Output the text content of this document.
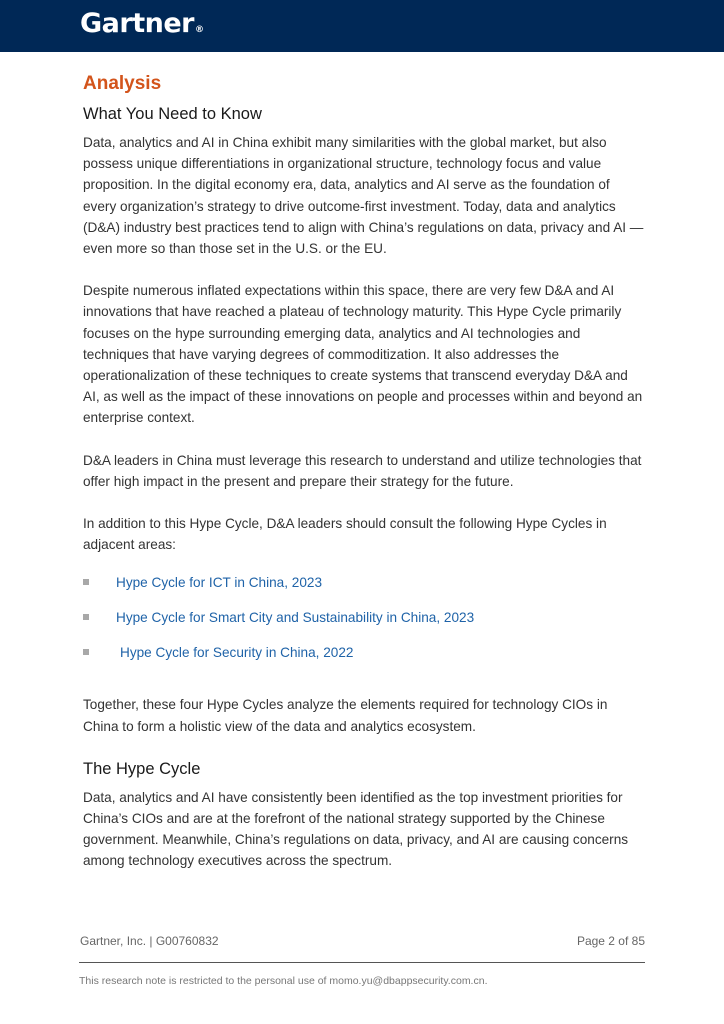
Gartner®
Analysis
What You Need to Know

Data, analytics and AI in China exhibit many similarities with the global market, but also possess unique differentiations in organizational structure, technology focus and value proposition. In the digital economy era, data, analytics and AI serve as the foundation of every organization’s strategy to drive outcome-first investment. Today, data and analytics (D&A) industry best practices tend to align with China’s regulations on data, privacy and AI — even more so than those set in the U.S. or the EU.

Despite numerous inflated expectations within this space, there are very few D&A and AI innovations that have reached a plateau of technology maturity. This Hype Cycle primarily focuses on the hype surrounding emerging data, analytics and AI technologies and techniques that have varying degrees of commoditization. It also addresses the operationalization of these techniques to create systems that transcend everyday D&A and AI, as well as the impact of these innovations on people and processes within and beyond an enterprise context.

D&A leaders in China must leverage this research to understand and utilize technologies that offer high impact in the present and prepare their strategy for the future.

In addition to this Hype Cycle, D&A leaders should consult the following Hype Cycles in adjacent areas:

Hype Cycle for ICT in China, 2023
Hype Cycle for Smart City and Sustainability in China, 2023
Hype Cycle for Security in China, 2022

Together, these four Hype Cycles analyze the elements required for technology CIOs in China to form a holistic view of the data and analytics ecosystem.

The Hype Cycle

Data, analytics and AI have consistently been identified as the top investment priorities for China’s CIOs and are at the forefront of the national strategy supported by the Chinese government. Meanwhile, China’s regulations on data, privacy, and AI are causing concerns among technology executives across the spectrum.

Gartner, Inc. | G00760832	Page 2 of 85
This research note is restricted to the personal use of momo.yu@dbappsecurity.com.cn.
